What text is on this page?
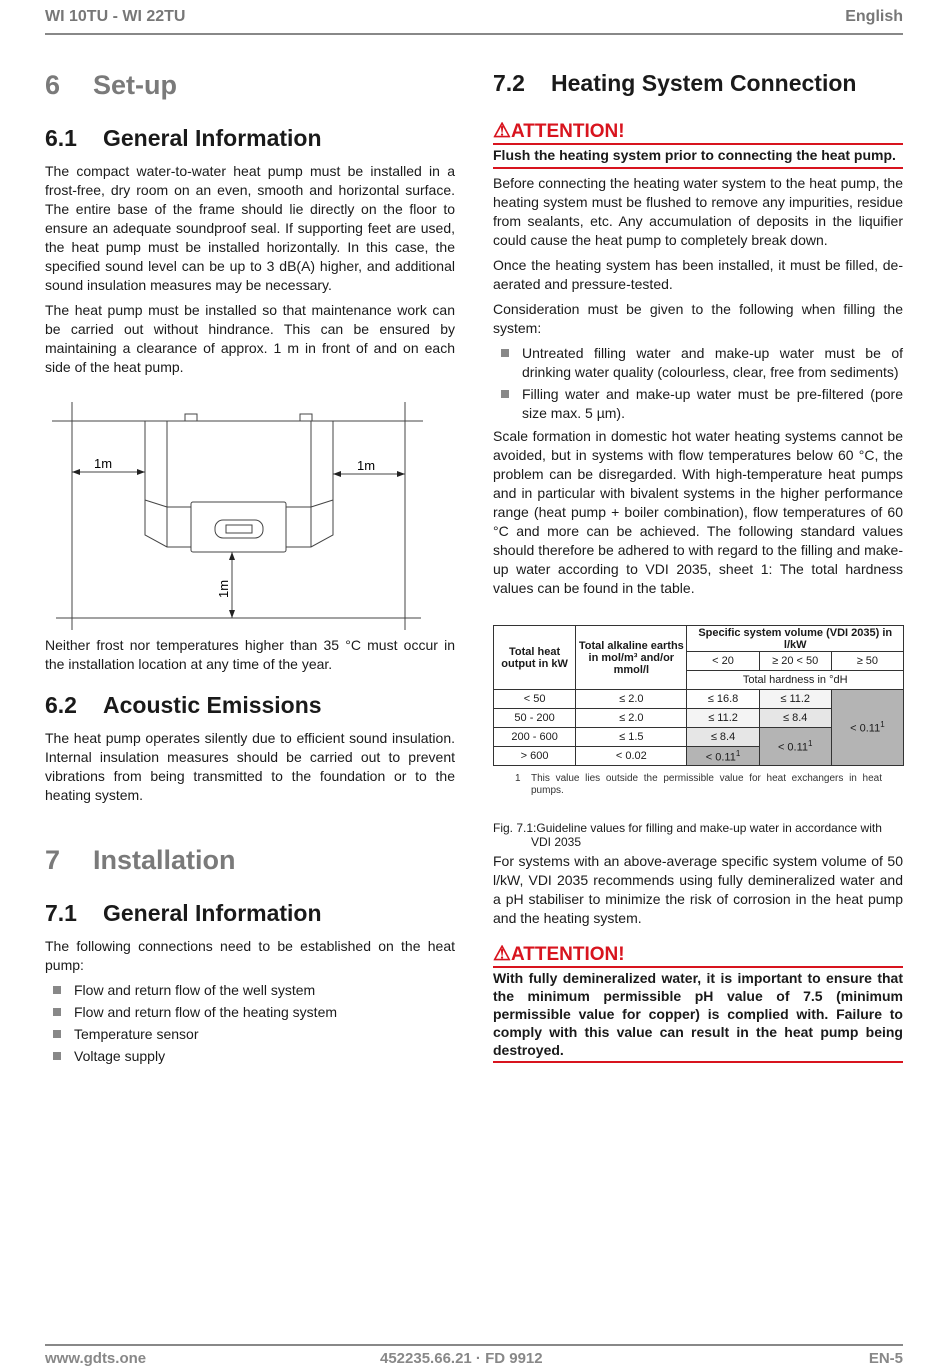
WI 10TU - WI 22TU	English
6 Set-up
6.1 General Information

The compact water-to-water heat pump must be installed in a frost-free, dry room on an even, smooth and horizontal surface. The entire base of the frame should lie directly on the floor to ensure an adequate soundproof seal. If supporting feet are used, the heat pump must be installed horizontally. In this case, the specified sound level can be up to 3 dB(A) higher, and additional sound insulation measures may be necessary.

The heat pump must be installed so that maintenance work can be carried out without hindrance. This can be ensured by maintaining a clearance of approx. 1 m in front of and on each side of the heat pump.

1m	1m
1m

Neither frost nor temperatures higher than 35 °C must occur in the installation location at any time of the year.

6.2 Acoustic Emissions

The heat pump operates silently due to efficient sound insulation. Internal insulation measures should be carried out to prevent vibrations from being transmitted to the foundation or to the heating system.

7 Installation
7.1 General Information

The following connections need to be established on the heat pump:

Flow and return flow of the well system
Flow and return flow of the heating system
Temperature sensor
Voltage supply
7.2 Heating System Connection
⚠ATTENTION!
Flush the heating system prior to connecting the heat pump.

Before connecting the heating water system to the heat pump, the heating system must be flushed to remove any impurities, residue from sealants, etc. Any accumulation of deposits in the liquifier could cause the heat pump to completely break down.

Once the heating system has been installed, it must be filled, de-aerated and pressure-tested.

Consideration must be given to the following when filling the system:

Untreated filling water and make-up water must be of drinking water quality (colourless, clear, free from sediments)
Filling water and make-up water must be pre-filtered (pore size max. 5 µm).

Scale formation in domestic hot water heating systems cannot be avoided, but in systems with flow temperatures below 60 °C, the problem can be disregarded. With high-temperature heat pumps and in particular with bivalent systems in the higher performance range (heat pump + boiler combination), flow temperatures of 60 °C and more can be achieved. The following standard values should therefore be adhered to with regard to the filling and make-up water according to VDI 2035, sheet 1: The total hardness values can be found in the table.

Total heat output in kW	Total alkaline earths in mol/m³ and/or mmol/l	Specific system volume (VDI 2035) in l/kW		
		< 20	≥ 20 < 50	≥ 50
		Total hardness in °dH		
< 50	≤ 2.0	≤ 16.8	≤ 11.2	< $0.11^1$
50 - 200	≤ 2.0	≤ 11.2	≤ 8.4	
200 - 600	≤ 1.5	≤ 8.4	< $0.11^1$
> 600	< 0.02	< $0.11^1$
1	This value lies outside the permissible value for heat exchangers in heat pumps.
Fig. 7.1:Guideline values for filling and make-up water in accordance with VDI 2035

For systems with an above-average specific system volume of 50 l/kW, VDI 2035 recommends using fully demineralized water and a pH stabiliser to minimize the risk of corrosion in the heat pump and the heating system.

⚠ATTENTION!
With fully demineralized water, it is important to ensure that the minimum permissible pH value of 7.5 (minimum permissible value for copper) is complied with. Failure to comply with this value can result in the heat pump being destroyed.
www.gdts.one	452235.66.21 · FD 9912	EN-5
